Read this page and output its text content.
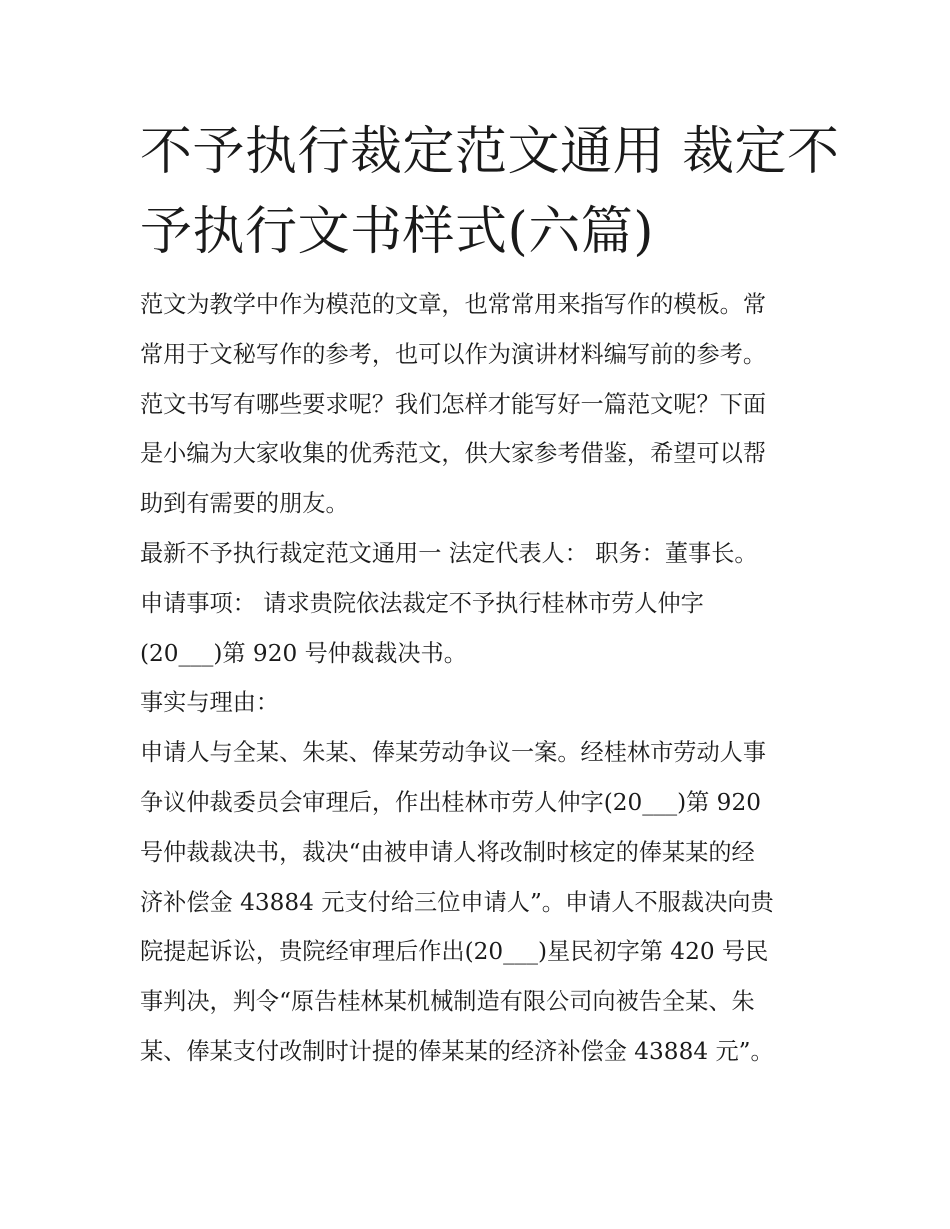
不予执行裁定范文通用 裁定不
予执行文书样式(六篇)
范文为教学中作为模范的文章，也常常用来指写作的模板。常
常用于文秘写作的参考，也可以作为演讲材料编写前的参考。
范文书写有哪些要求呢？我们怎样才能写好一篇范文呢？下面
是小编为大家收集的优秀范文，供大家参考借鉴，希望可以帮
助到有需要的朋友。
最新不予执行裁定范文通用一 法定代表人： 职务：董事长。
申请事项： 请求贵院依法裁定不予执行桂林市劳人仲字
(20___)第 920 号仲裁裁决书。
事实与理由：
申请人与全某、朱某、俸某劳动争议一案。经桂林市劳动人事
争议仲裁委员会审理后，作出桂林市劳人仲字(20___)第 920
号仲裁裁决书，裁决“由被申请人将改制时核定的俸某某的经
济补偿金 43884 元支付给三位申请人”。申请人不服裁决向贵
院提起诉讼，贵院经审理后作出(20___)星民初字第 420 号民
事判决，判令“原告桂林某机械制造有限公司向被告全某、朱
某、俸某支付改制时计提的俸某某的经济补偿金 43884 元”。
